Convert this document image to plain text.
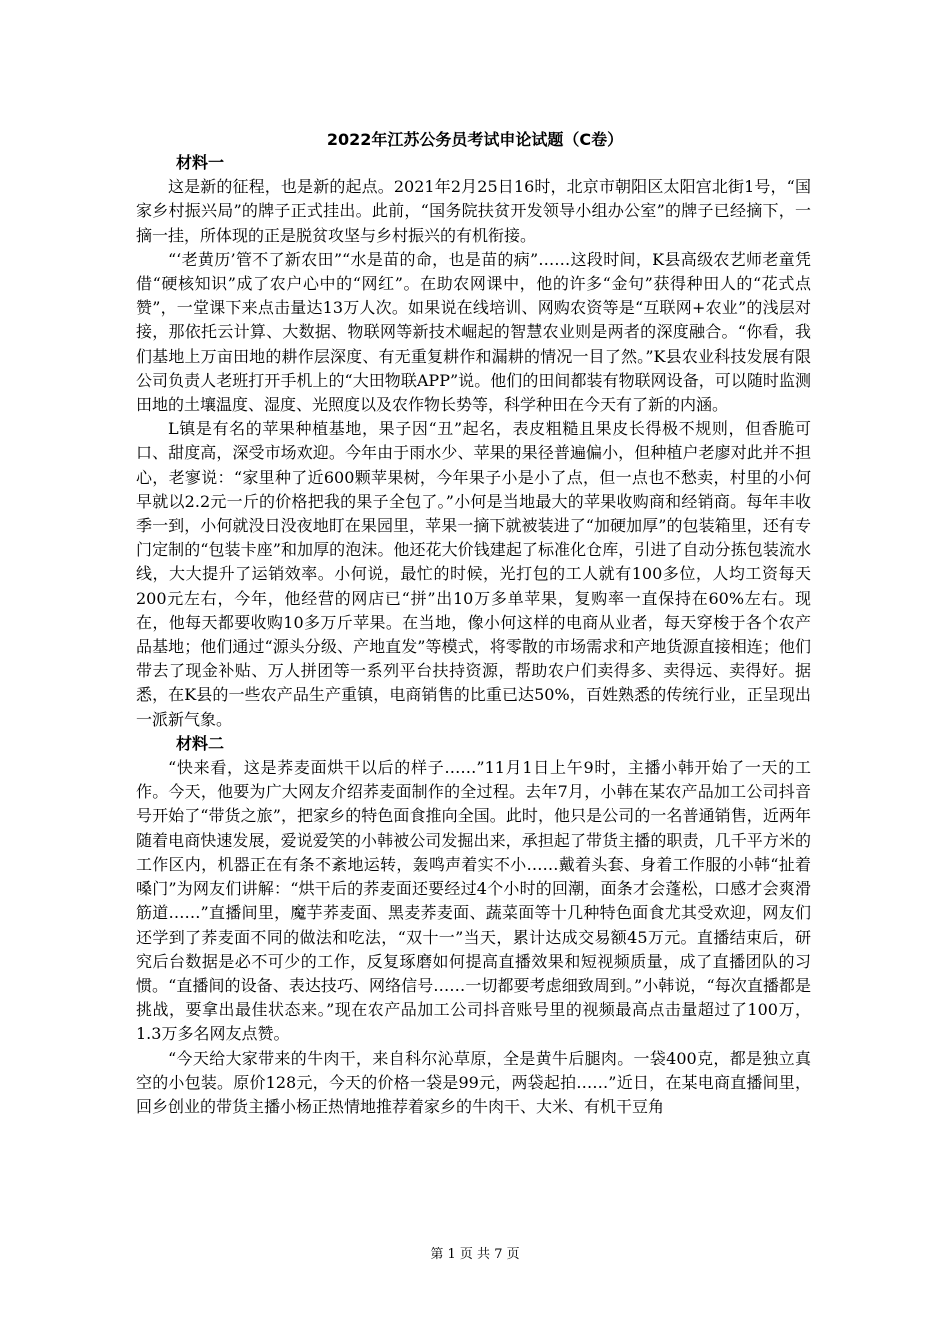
2022年江苏公务员考试申论试题（C卷）
材料一

这是新的征程，也是新的起点。2021年2月25日16时，北京市朝阳区太阳宫北街1号，“国家乡村振兴局”的牌子正式挂出。此前，“国务院扶贫开发领导小组办公室”的牌子已经摘下，一摘一挂，所体现的正是脱贫攻坚与乡村振兴的有机衔接。

“‘老黄历’管不了新农田”“水是苗的命，也是苗的病”……这段时间，K县高级农艺师老童凭借“硬核知识”成了农户心中的“网红”。在助农网课中，他的许多“金句”获得种田人的“花式点赞”，一堂课下来点击量达13万人次。如果说在线培训、网购农资等是“互联网+农业”的浅层对接，那依托云计算、大数据、物联网等新技术崛起的智慧农业则是两者的深度融合。“你看，我们基地上万亩田地的耕作层深度、有无重复耕作和漏耕的情况一目了然。”K县农业科技发展有限公司负责人老班打开手机上的“大田物联APP”说。他们的田间都装有物联网设备，可以随时监测田地的土壤温度、湿度、光照度以及农作物长势等，科学种田在今天有了新的内涵。

L镇是有名的苹果种植基地，果子因“丑”起名，表皮粗糙且果皮长得极不规则，但香脆可口、甜度高，深受市场欢迎。今年由于雨水少、苹果的果径普遍偏小，但种植户老廖对此并不担心，老寥说：“家里种了近600颗苹果树，今年果子小是小了点，但一点也不愁卖，村里的小何早就以2.2元一斤的价格把我的果子全包了。”小何是当地最大的苹果收购商和经销商。每年丰收季一到，小何就没日没夜地盯在果园里，苹果一摘下就被装进了“加硬加厚”的包装箱里，还有专门定制的“包装卡座”和加厚的泡沫。他还花大价钱建起了标准化仓库，引进了自动分拣包装流水线，大大提升了运销效率。小何说，最忙的时候，光打包的工人就有100多位，人均工资每天200元左右，今年，他经营的网店已“拼”出10万多单苹果，复购率一直保持在60%左右。现在，他每天都要收购10多万斤苹果。在当地，像小何这样的电商从业者，每天穿梭于各个农产品基地；他们通过“源头分级、产地直发”等模式，将零散的市场需求和产地货源直接相连；他们带去了现金补贴、万人拼团等一系列平台扶持资源，帮助农户们卖得多、卖得远、卖得好。据悉，在K县的一些农产品生产重镇，电商销售的比重已达50%，百姓熟悉的传统行业，正呈现出一派新气象。

材料二

“快来看，这是荞麦面烘干以后的样子……”11月1日上午9时，主播小韩开始了一天的工作。今天，他要为广大网友介绍荞麦面制作的全过程。去年7月，小韩在某农产品加工公司抖音号开始了“带货之旅”，把家乡的特色面食推向全国。此时，他只是公司的一名普通销售，近两年随着电商快速发展，爱说爱笑的小韩被公司发掘出来，承担起了带货主播的职责，几千平方米的工作区内，机器正在有条不紊地运转，轰鸣声着实不小……戴着头套、身着工作服的小韩“扯着嗓门”为网友们讲解：“烘干后的荞麦面还要经过4个小时的回潮，面条才会蓬松，口感才会爽滑筋道……”直播间里，魔芋荞麦面、黑麦荞麦面、蔬菜面等十几种特色面食尤其受欢迎，网友们还学到了荞麦面不同的做法和吃法，“双十一”当天，累计达成交易额45万元。直播结束后，研究后台数据是必不可少的工作，反复琢磨如何提高直播效果和短视频质量，成了直播团队的习惯。“直播间的设备、表达技巧、网络信号……一切都要考虑细致周到。”小韩说，“每次直播都是挑战，要拿出最佳状态来。”现在农产品加工公司抖音账号里的视频最高点击量超过了100万，1.3万多名网友点赞。

“今天给大家带来的牛肉干，来自科尔沁草原，全是黄牛后腿肉。一袋400克，都是独立真空的小包装。原价128元，今天的价格一袋是99元，两袋起拍……”近日，在某电商直播间里，回乡创业的带货主播小杨正热情地推荐着家乡的牛肉干、大米、有机干豆角

第 1 页 共 7 页
